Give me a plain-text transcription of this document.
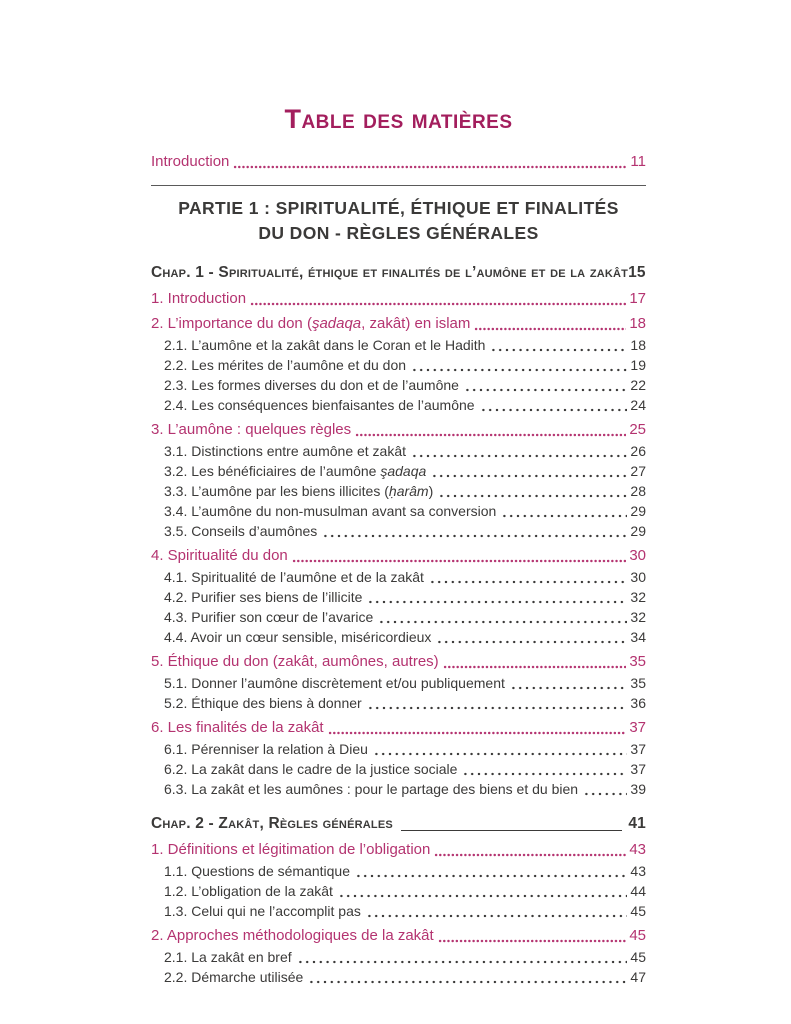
Table des matières
Introduction	11
PARTIE 1 : SPIRITUALITÉ, ÉTHIQUE ET FINALITÉS
DU DON - RÈGLES GÉNÉRALES
Chap. 1 - Spiritualité, éthique et finalités de l’aumône et de la zakât 15
1. Introduction	17
2. L’importance du don (şadaqa, zakât) en islam	18
2.1. L’aumône et la zakât dans le Coran et le Hadith	18
2.2. Les mérites de l’aumône et du don	19
2.3. Les formes diverses du don et de l’aumône	22
2.4. Les conséquences bienfaisantes de l’aumône	24
3. L’aumône : quelques règles	25
3.1. Distinctions entre aumône et zakât	26
3.2. Les bénéficiaires de l’aumône şadaqa	27
3.3. L’aumône par les biens illicites (ḥarâm)	28
3.4. L’aumône du non-musulman avant sa conversion	29
3.5. Conseils d’aumônes	29
4. Spiritualité du don	30
4.1. Spiritualité de l’aumône et de la zakât	30
4.2. Purifier ses biens de l’illicite	32
4.3. Purifier son cœur de l’avarice	32
4.4. Avoir un cœur sensible, miséricordieux	34
5. Éthique du don (zakât, aumônes, autres)	35
5.1. Donner l’aumône discrètement et/ou publiquement	35
5.2. Éthique des biens à donner	36
6. Les finalités de la zakât	37
6.1. Pérenniser la relation à Dieu	37
6.2. La zakât dans le cadre de la justice sociale	37
6.3. La zakât et les aumônes : pour le partage des biens et du bien	39
Chap. 2 - Zakât, Règles générales	41
1. Définitions et légitimation de l’obligation	43
1.1. Questions de sémantique	43
1.2. L’obligation de la zakât	44
1.3. Celui qui ne l’accomplit pas	45
2. Approches méthodologiques de la zakât	45
2.1. La zakât en bref	45
2.2. Démarche utilisée	47
